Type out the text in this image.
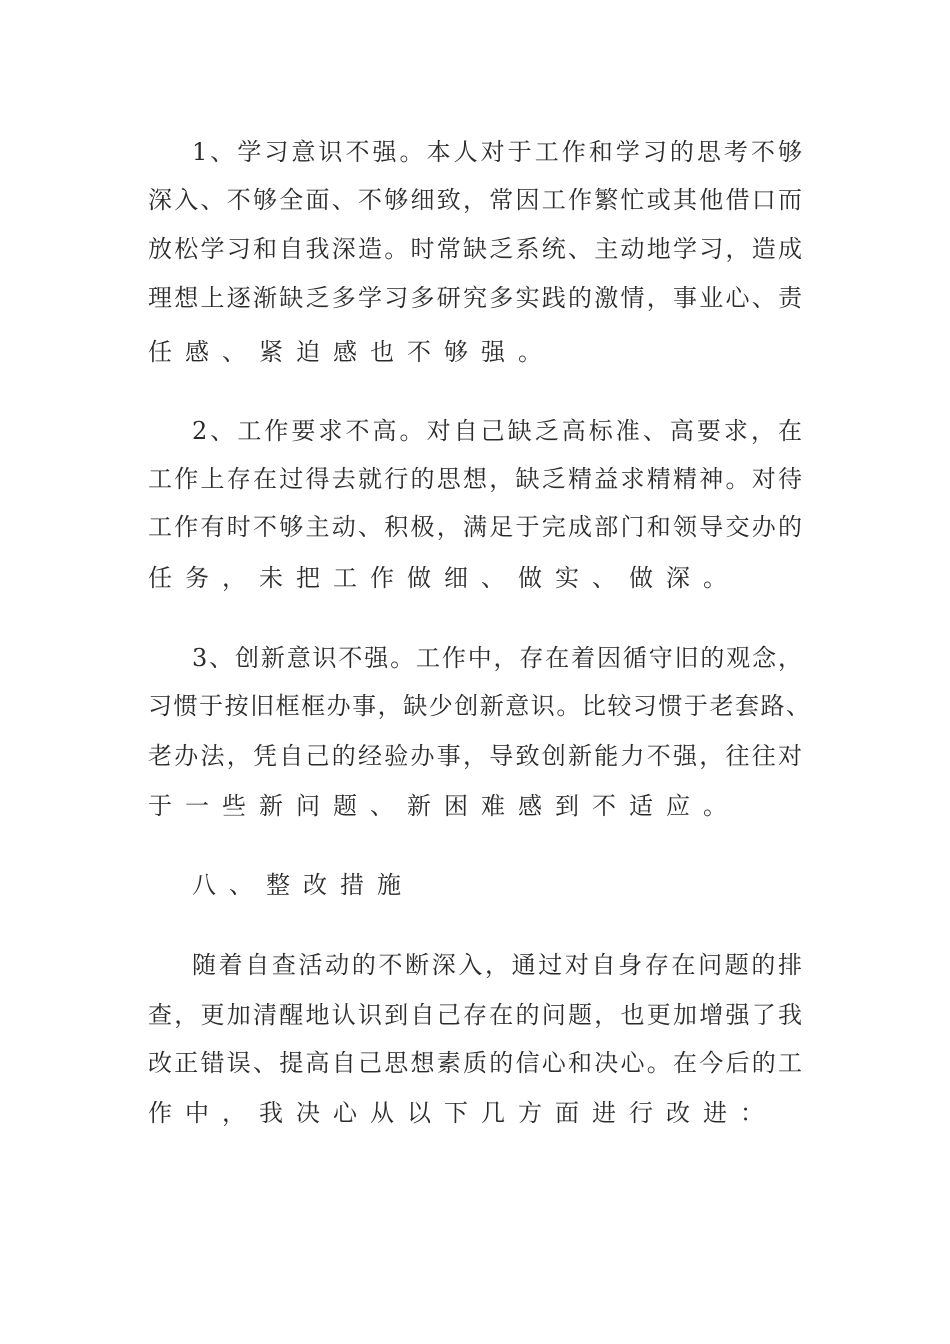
1、学习意识不强。本人对于工作和学习的思考不够
深入、不够全面、不够细致，常因工作繁忙或其他借口而
放松学习和自我深造。时常缺乏系统、主动地学习，造成
理想上逐渐缺乏多学习多研究多实践的激情，事业心、责
任感、紧迫感也不够强。
2、工作要求不高。对自己缺乏高标准、高要求，在
工作上存在过得去就行的思想，缺乏精益求精精神。对待
工作有时不够主动、积极，满足于完成部门和领导交办的
任务，未把工作做细、做实、做深。
3、创新意识不强。工作中，存在着因循守旧的观念，
习惯于按旧框框办事，缺少创新意识。比较习惯于老套路、
老办法，凭自己的经验办事，导致创新能力不强，往往对
于一些新问题、新困难感到不适应。
八、整改措施
随着自查活动的不断深入，通过对自身存在问题的排
查，更加清醒地认识到自己存在的问题，也更加增强了我
改正错误、提高自己思想素质的信心和决心。在今后的工
作中，我决心从以下几方面进行改进：
